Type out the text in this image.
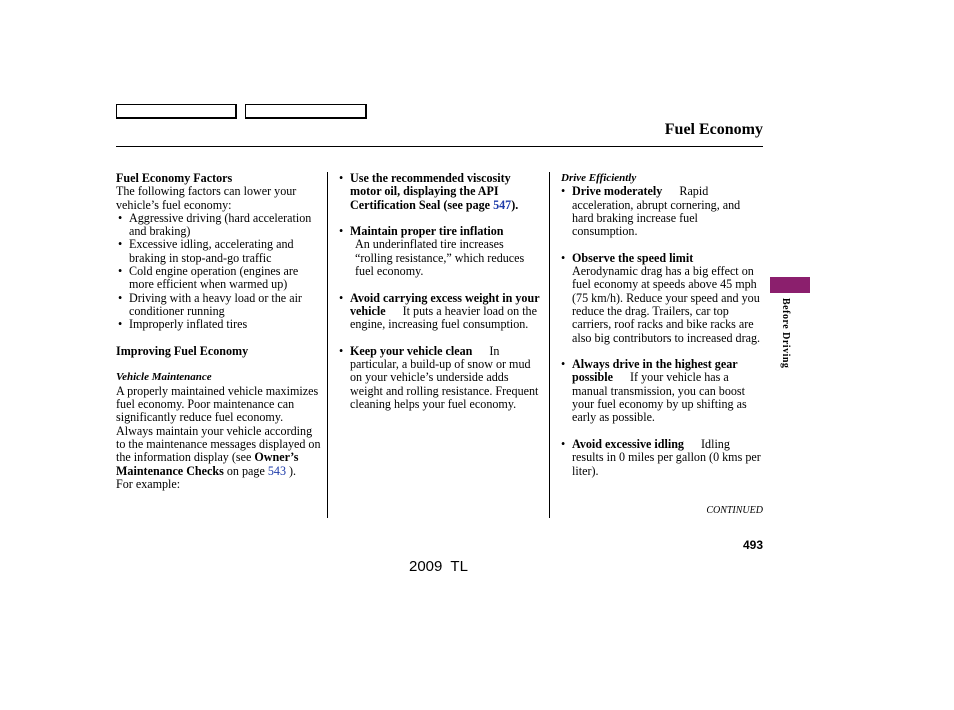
Fuel Economy
Fuel Economy Factors
The following factors can lower your vehicle’s fuel economy:
• Aggressive driving (hard acceleration and braking)
• Excessive idling, accelerating and braking in stop-and-go traffic
• Cold engine operation (engines are more efficient when warmed up)
• Driving with a heavy load or the air conditioner running
• Improperly inflated tires
Improving Fuel Economy
Vehicle Maintenance
A properly maintained vehicle maximizes fuel economy. Poor maintenance can significantly reduce fuel economy. Always maintain your vehicle according to the maintenance messages displayed on the information display (see Owner’s Maintenance Checks on page 543 ).
For example:
• Use the recommended viscosity motor oil, displaying the API Certification Seal (see page 547).
• Maintain proper tire inflation
An underinflated tire increases “rolling resistance,” which reduces fuel economy.
• Avoid carrying excess weight in your vehicle It puts a heavier load on the engine, increasing fuel consumption.
• Keep your vehicle clean In particular, a build-up of snow or mud on your vehicle’s underside adds weight and rolling resistance. Frequent cleaning helps your fuel economy.
Drive Efficiently
• Drive moderately Rapid acceleration, abrupt cornering, and hard braking increase fuel consumption.
• Observe the speed limit
Aerodynamic drag has a big effect on fuel economy at speeds above 45 mph (75 km/h). Reduce your speed and you reduce the drag. Trailers, car top carriers, roof racks and bike racks are also big contributors to increased drag.
• Always drive in the highest gear possible If your vehicle has a manual transmission, you can boost your fuel economy by up shifting as early as possible.
• Avoid excessive idling Idling results in 0 miles per gallon (0 kms per liter).
Before Driving
CONTINUED
493
2009  TL
